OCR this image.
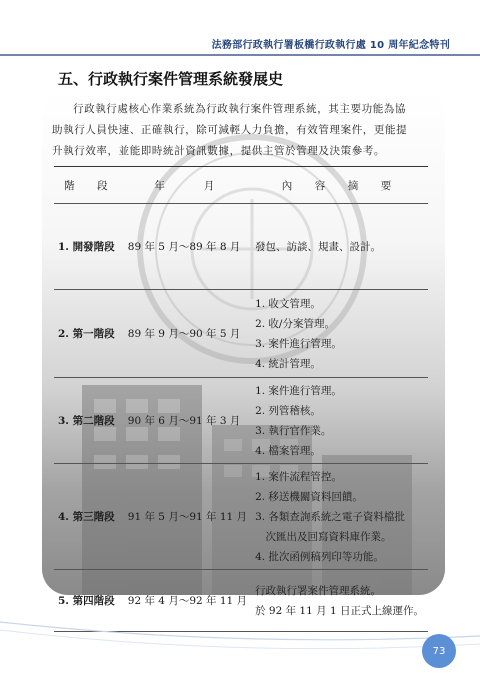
法務部行政執行署板橋行政執行處 10 周年紀念特刊
五、行政執行案件管理系統發展史
行政執行處核心作業系統為行政執行案件管理系統，其主要功能為協
助執行人員快速、正確執行，除可減輕人力負擔，有效管理案件，更能提
升執行效率，並能即時統計資訊數據，提供主管於管理及決策參考。
階　段	年　　月	內　容　摘　要
1. 開發階段	89 年 5 月～89 年 8 月	發包、訪談、規畫、設計。

2. 第一階段	89 年 9 月～90 年 5 月	1. 收文管理。
2. 收/分案管理。
3. 案件進行管理。
4. 統計管理。

3. 第二階段	90 年 6 月～91 年 3 月	1. 案件進行管理。
2. 列管稽核。
3. 執行官作業。
4. 檔案管理。

4. 第三階段	91 年 5 月～91 年 11 月	1. 案件流程管控。
2. 移送機關資料回饋。
3. 各類查詢系統之電子資料檔批
　次匯出及回寫資料庫作業。
4. 批次函例稿列印等功能。

5. 第四階段	92 年 4 月～92 年 11 月	行政執行署案件管理系統。
於 92 年 11 月 1 日正式上線運作。
73
